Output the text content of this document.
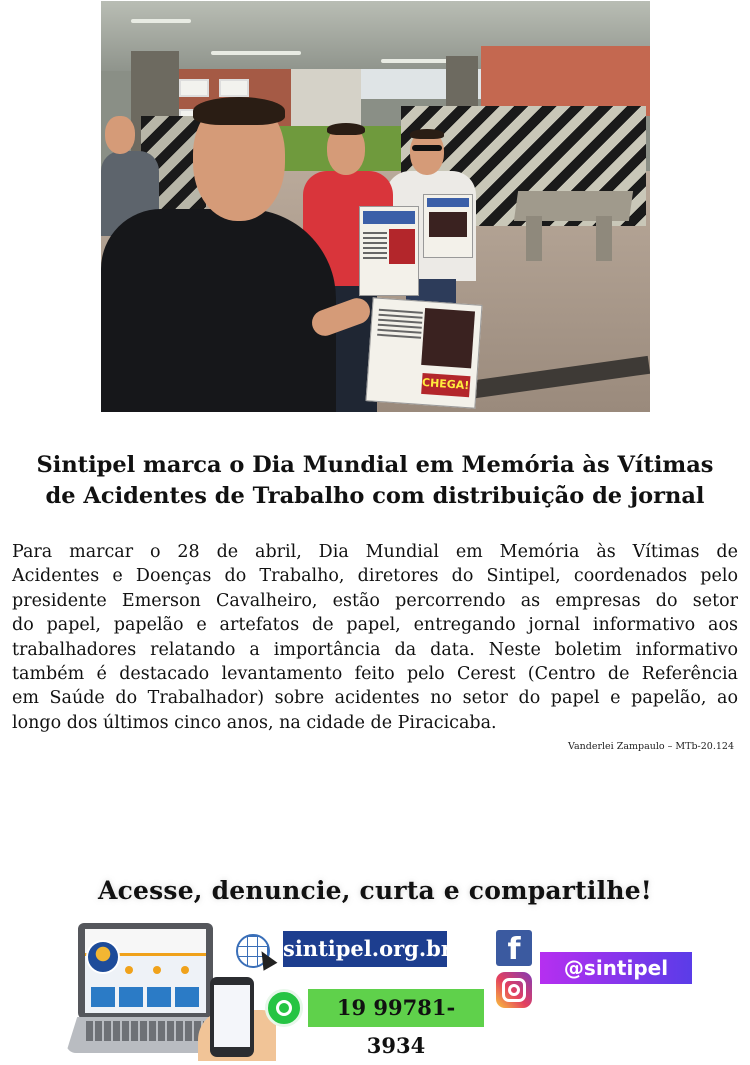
CHEGA!
Sintipel marca o Dia Mundial em Memória às Vítimas
de Acidentes de Trabalho com distribuição de jornal
Para marcar o 28 de abril, Dia Mundial em Memória às Vítimas de
Acidentes e Doenças do Trabalho, diretores do Sintipel, coordenados pelo
presidente Emerson Cavalheiro, estão percorrendo as empresas do setor
do papel, papelão e artefatos de papel, entregando jornal informativo aos
trabalhadores relatando a importância da data. Neste boletim informativo
também é destacado levantamento feito pelo Cerest (Centro de Referência
em Saúde do Trabalhador) sobre acidentes no setor do papel e papelão, ao
longo dos últimos cinco anos, na cidade de Piracicaba.
Vanderlei Zampaulo – MTb-20.124
Acesse, denuncie, curta e compartilhe!
sintipel.org.br
19 99781-3934
f
@sintipel
